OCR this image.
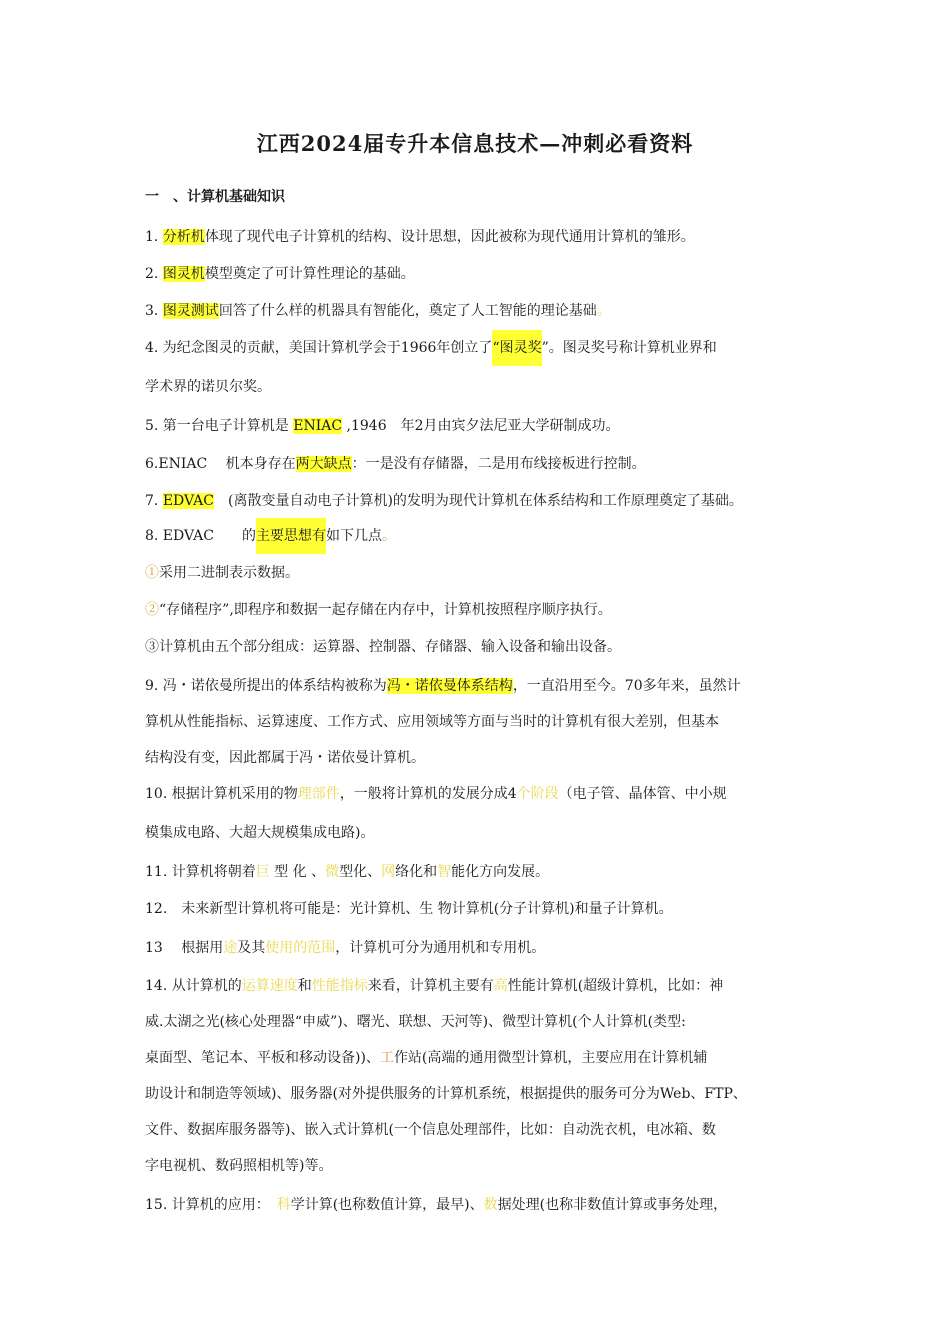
江西2024届专升本信息技术—冲刺必看资料
一　、计算机基础知识
1. 分析机体现了现代电子计算机的结构、设计思想，因此被称为现代通用计算机的雏形。
2. 图灵机模型奠定了可计算性理论的基础。
3. 图灵测试回答了什么样的机器具有智能化，奠定了人工智能的理论基础。
4. 为纪念图灵的贡献，美国计算机学会于1966年创立了“图灵奖”。图灵奖号称计算机业界和
学术界的诺贝尔奖。
5. 第一台电子计算机是 ENIAC ,1946　年2月由宾夕法尼亚大学研制成功。
6.ENIAC　 机本身存在两大缺点：一是没有存储器，二是用布线接板进行控制。
7. EDVAC　(离散变量自动电子计算机)的发明为现代计算机在体系结构和工作原理奠定了基础。
8. EDVAC　　的主要思想有如下几点。
①采用二进制表示数据。
②“存储程序”,即程序和数据一起存储在内存中，计算机按照程序顺序执行。
③计算机由五个部分组成：运算器、控制器、存储器、输入设备和输出设备。
9. 冯・诺依曼所提出的体系结构被称为冯・诺依曼体系结构，一直沿用至今。70多年来，虽然计
算机从性能指标、运算速度、工作方式、应用领域等方面与当时的计算机有很大差别，但基本
结构没有变，因此都属于冯・诺依曼计算机。
10. 根据计算机采用的物理部件，一般将计算机的发展分成4个阶段（电子管、晶体管、中小规
模集成电路、大超大规模集成电路)。
11. 计算机将朝着巨 型 化 、微型化、网络化和智能化方向发展。
12.　未来新型计算机将可能是：光计算机、生 物计算机(分子计算机)和量子计算机。
13　 根据用途及其使用的范围，计算机可分为通用机和专用机。
14. 从计算机的运算速度和性能指标来看，计算机主要有高性能计算机(超级计算机，比如：神
威.太湖之光(核心处理器“申威”)、曙光、联想、天河等)、微型计算机(个人计算机(类型:
桌面型、笔记本、平板和移动设备))、工作站(高端的通用微型计算机，主要应用在计算机辅
助设计和制造等领域)、服务器(对外提供服务的计算机系统，根据提供的服务可分为Web、FTP、
文件、数据库服务器等)、嵌入式计算机(一个信息处理部件，比如：自动洗衣机，电冰箱、数
字电视机、数码照相机等)等。
15. 计算机的应用：　科学计算(也称数值计算，最早)、数据处理(也称非数值计算或事务处理，
